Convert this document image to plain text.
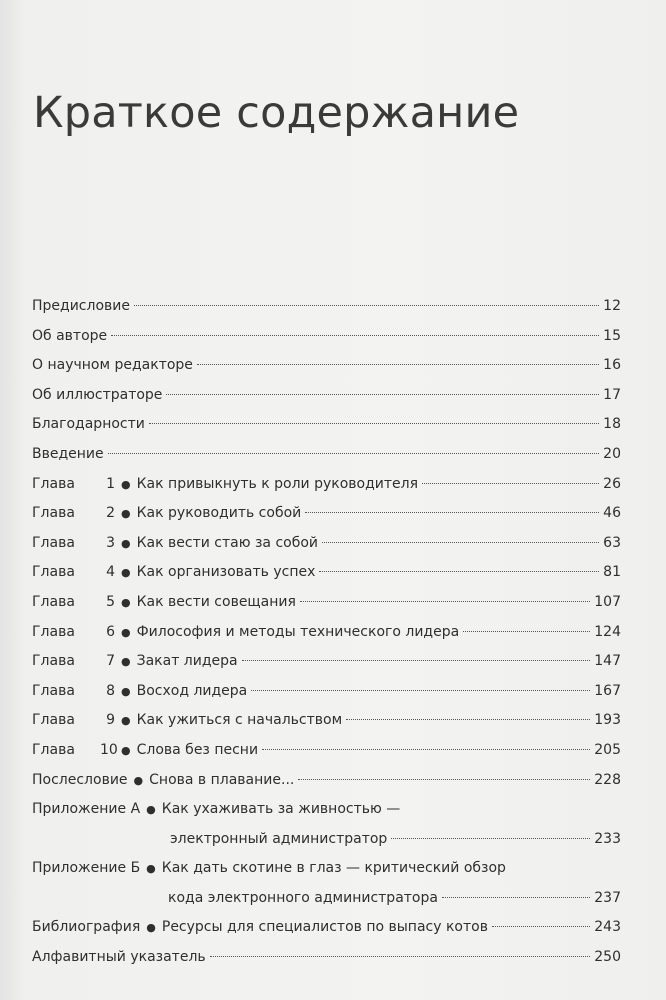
Краткое содержание
Предисловие	12
Об авторе	15
О научном редакторе	16
Об иллюстраторе	17
Благодарности	18
Введение	20
Глава	1 ● Как привыкнуть к роли руководителя	26
Глава	2 ● Как руководить собой	46
Глава	3 ● Как вести стаю за собой	63
Глава	4 ● Как организовать успех	81
Глава	5 ● Как вести совещания	107
Глава	6 ● Философия и методы технического лидера	124
Глава	7 ● Закат лидера	147
Глава	8 ● Восход лидера	167
Глава	9 ● Как ужиться с начальством	193
Глава	10 ● Слова без песни	205
Послесловие ● Снова в плавание...	228
Приложение А ● Как ухаживать за живностью —
электронный администратор	233
Приложение Б ● Как дать скотине в глаз — критический обзор
кода электронного администратора	237
Библиография ● Ресурсы для специалистов по выпасу котов	243
Алфавитный указатель	250
